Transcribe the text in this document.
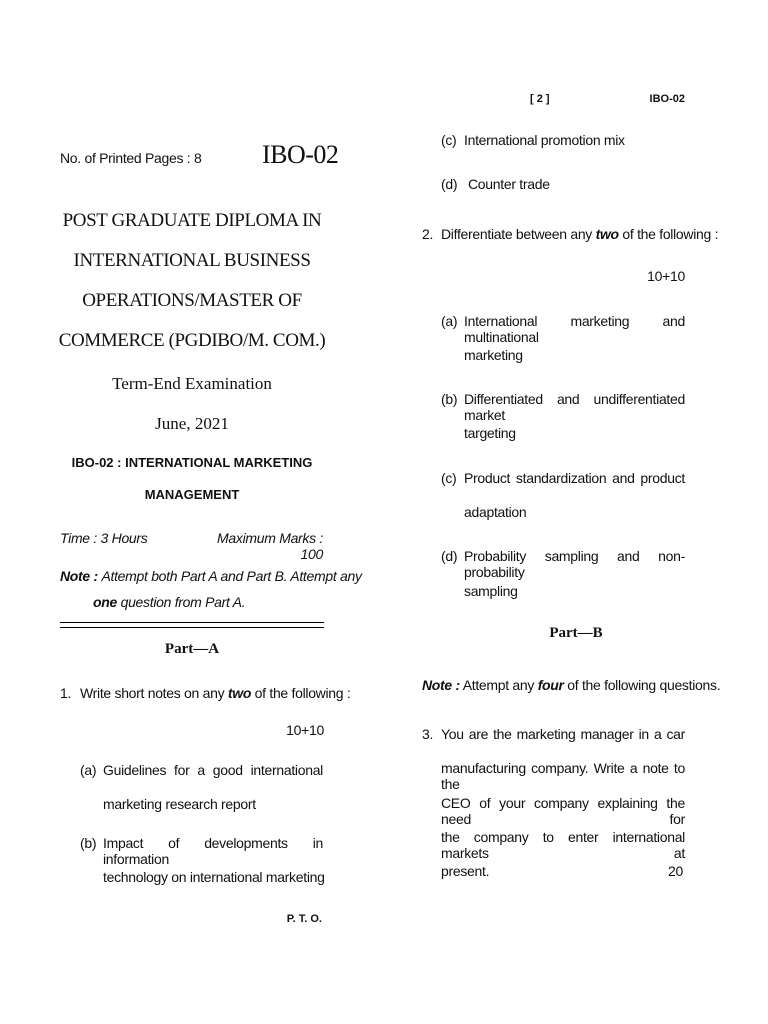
No. of Printed Pages : 8 IBO-02
POST GRADUATE DIPLOMA IN
INTERNATIONAL BUSINESS
OPERATIONS/MASTER OF
COMMERCE (PGDIBO/M. COM.)
Term-End Examination
June, 2021
IBO-02 : INTERNATIONAL MARKETING
MANAGEMENT
Time : 3 Hours	Maximum Marks : 100
Note : Attempt both Part A and Part B. Attempt any
one question from Part A.
Part—A
1. Write short notes on any two of the following :
10+10
(a) Guidelines for a good international
marketing research report
(b) Impact of developments in information
technology on international marketing
P. T. O.
[ 2 ]	IBO-02
(c) International promotion mix
(d) Counter trade
2. Differentiate between any two of the following :
10+10
(a) International marketing and multinational
marketing
(b) Differentiated and undifferentiated market
targeting
(c) Product standardization and product
adaptation
(d) Probability sampling and non-probability
sampling
Part—B
Note : Attempt any four of the following questions.
3. You are the marketing manager in a car
manufacturing company. Write a note to the
CEO of your company explaining the need for
the company to enter international markets at
present.	20
